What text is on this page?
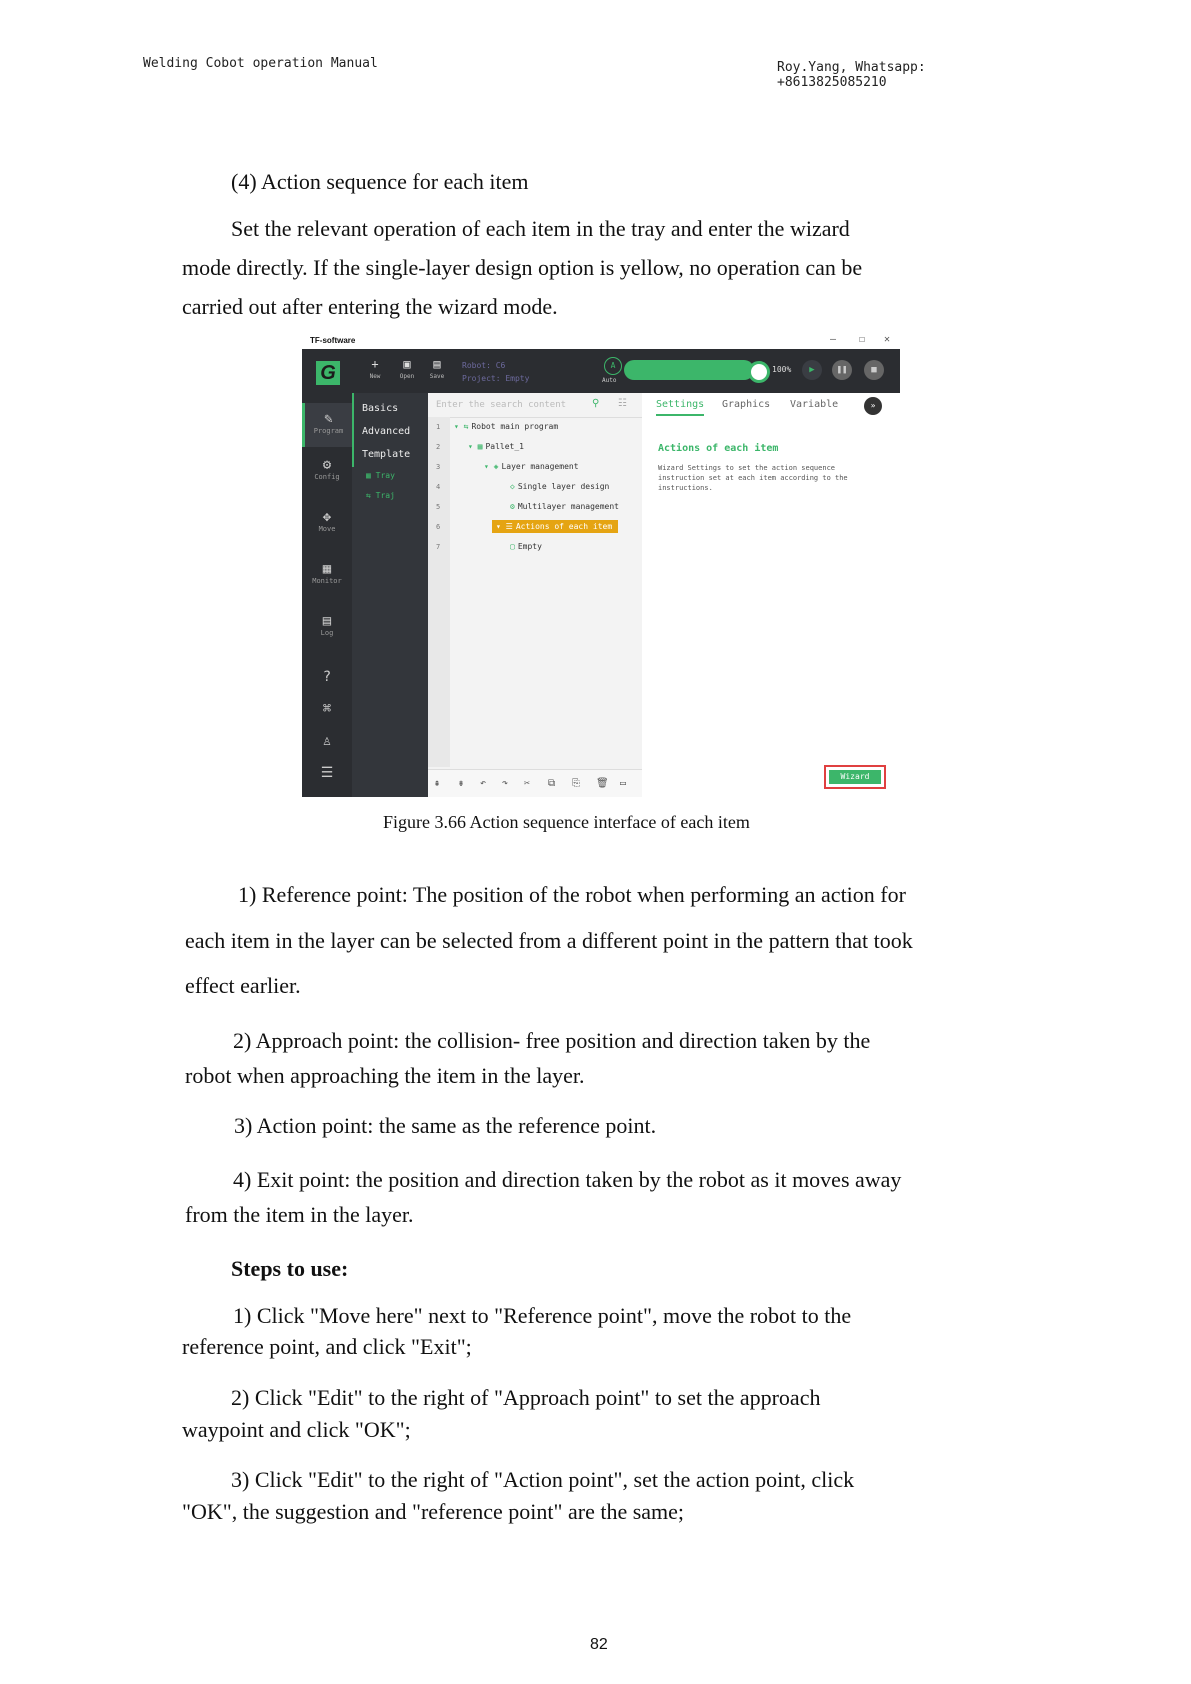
Welding Cobot operation Manual	Roy.Yang, Whatsapp: +8613825085210
(4) Action sequence for each item
Set the relevant operation of each item in the tray and enter the wizard
mode directly. If the single-layer design option is yellow, no operation can be
carried out after entering the wizard mode.
TF-software	— ☐ ✕
G	+
New
▣
Open
▤
Save
Robot: C6
Project: Empty
A
Auto
100%	▶	❚❚	■
✎
Program
⚙
Config
✥
Move
▦
Monitor
▤
Log
?
⌘
♙
☰
Basics
Advanced
Template
▦ Tray
⇆ Traj
Enter the search content	⚲ ☷
1
2
3
4
5
6
7
▾ ⇆ Robot main program
▾ ▦ Pallet_1
▾ ◈ Layer management
◇ Single layer design
⚙ Multilayer management
▾ ☰ Actions of each item
▢ Empty
⇞ ⇟ ↶ ↷ ✂ ⧉ ⎘ 🗑 ▭
Settings Graphics Variable	»
Actions of each item
Wizard Settings to set the action sequence instruction set at each item according to the instructions.
Wizard
Figure 3.66 Action sequence interface of each item
1) Reference point: The position of the robot when performing an action for
each item in the layer can be selected from a different point in the pattern that took
effect earlier.
2) Approach point: the collision- free position and direction taken by the
robot when approaching the item in the layer.
3) Action point: the same as the reference point.
4) Exit point: the position and direction taken by the robot as it moves away
from the item in the layer.
Steps to use:
1) Click "Move here" next to "Reference point", move the robot to the
reference point, and click "Exit";
2) Click "Edit" to the right of "Approach point" to set the approach
waypoint and click "OK";
3) Click "Edit" to the right of "Action point", set the action point, click
"OK", the suggestion and "reference point" are the same;
82
